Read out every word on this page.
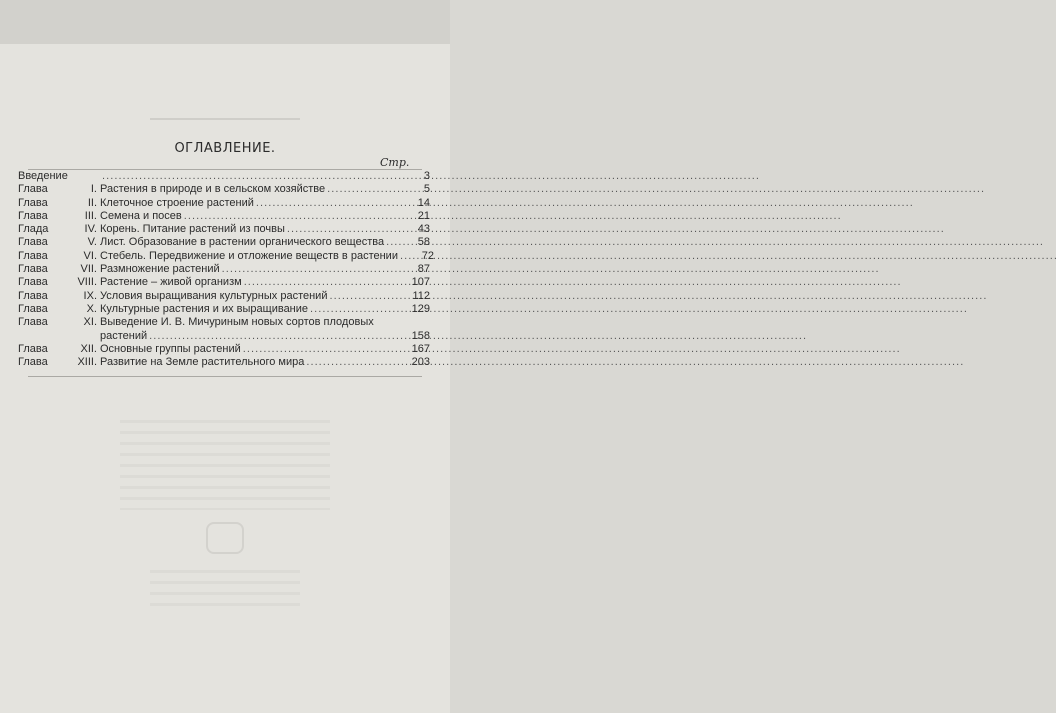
ОГЛАВЛЕНИЕ.
Стр.
Введение . . .	3
Глава	I. Растения в природе и в сельском хозяйстве . . .	5
Глава	II. Клеточное строение растений . . .	14
Глава	III. Семена и посев . . .	21
Глада	IV. Корень. Питание растений из почвы . . .	43
Глава	V. Лист. Образование в растении органического вещества . . .	58
Глава	VI. Стебель. Передвижение и отложение веществ в растении . . .	72
Глава	VII. Размножение растений . . .	87
Глава	VIII. Растение – живой организм . . .	107
Глава	IX. Условия выращивания культурных растений . . .	112
Глава	X. Культурные растения и их выращивание . . .	129
Глава	XI. Выведение И. В. Мичуриным новых сортов плодовых
растений . . .	158
Глава	XII. Основные группы растений . . .	167
Глава	XIII. Развитие на Земле растительного мира . . .	203
